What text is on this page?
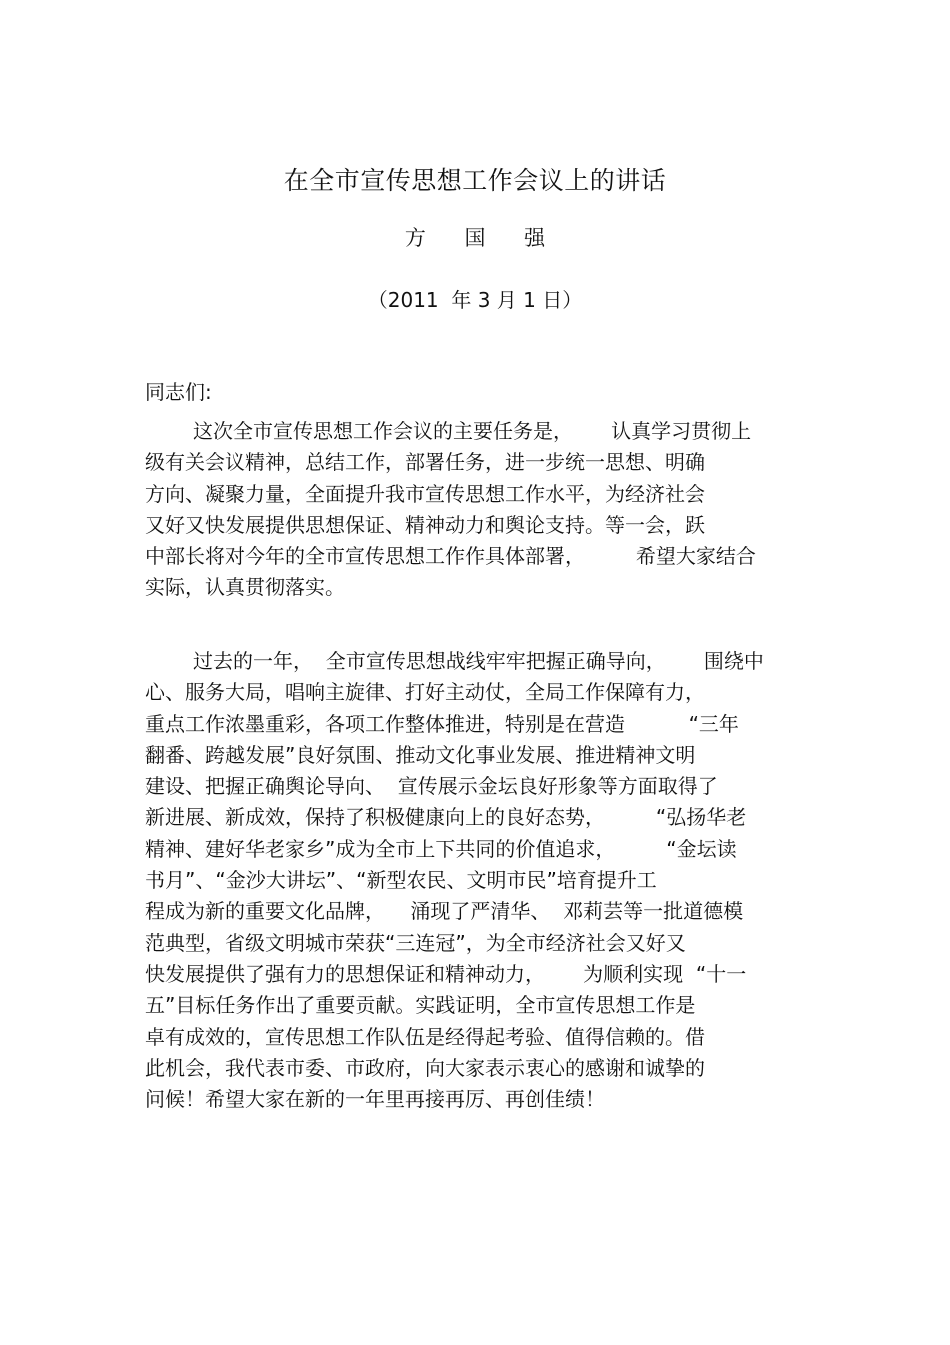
在全市宣传思想工作会议上的讲话
方 国 强
（2011  年 3 月 1 日）
同志们:
这次全市宣传思想工作会议的主要任务是，      认真学习贯彻上
级有关会议精神，总结工作，部署任务，进一步统一思想、明确
方向、凝聚力量，全面提升我市宣传思想工作水平，为经济社会
又好又快发展提供思想保证、精神动力和舆论支持。等一会，跃
中部长将对今年的全市宣传思想工作作具体部署，        希望大家结合
实际，认真贯彻落实。
过去的一年，  全市宣传思想战线牢牢把握正确导向，      围绕中
心、服务大局，唱响主旋律、打好主动仗，全局工作保障有力，
重点工作浓墨重彩，各项工作整体推进，特别是在营造          “三年
翻番、跨越发展”良好氛围、推动文化事业发展、推进精神文明
建设、把握正确舆论导向、  宣传展示金坛良好形象等方面取得了
新进展、新成效，保持了积极健康向上的良好态势，        “弘扬华老
精神、建好华老家乡”成为全市上下共同的价值追求，        “金坛读
书月”、“金沙大讲坛”、“新型农民、文明市民”培育提升工
程成为新的重要文化品牌，    涌现了严清华、  邓莉芸等一批道德模
范典型，省级文明城市荣获“三连冠”，为全市经济社会又好又
快发展提供了强有力的思想保证和精神动力，      为顺利实现  “十一
五”目标任务作出了重要贡献。实践证明，全市宣传思想工作是
卓有成效的，宣传思想工作队伍是经得起考验、值得信赖的。借
此机会，我代表市委、市政府，向大家表示衷心的感谢和诚挚的
问候！希望大家在新的一年里再接再厉、再创佳绩！
